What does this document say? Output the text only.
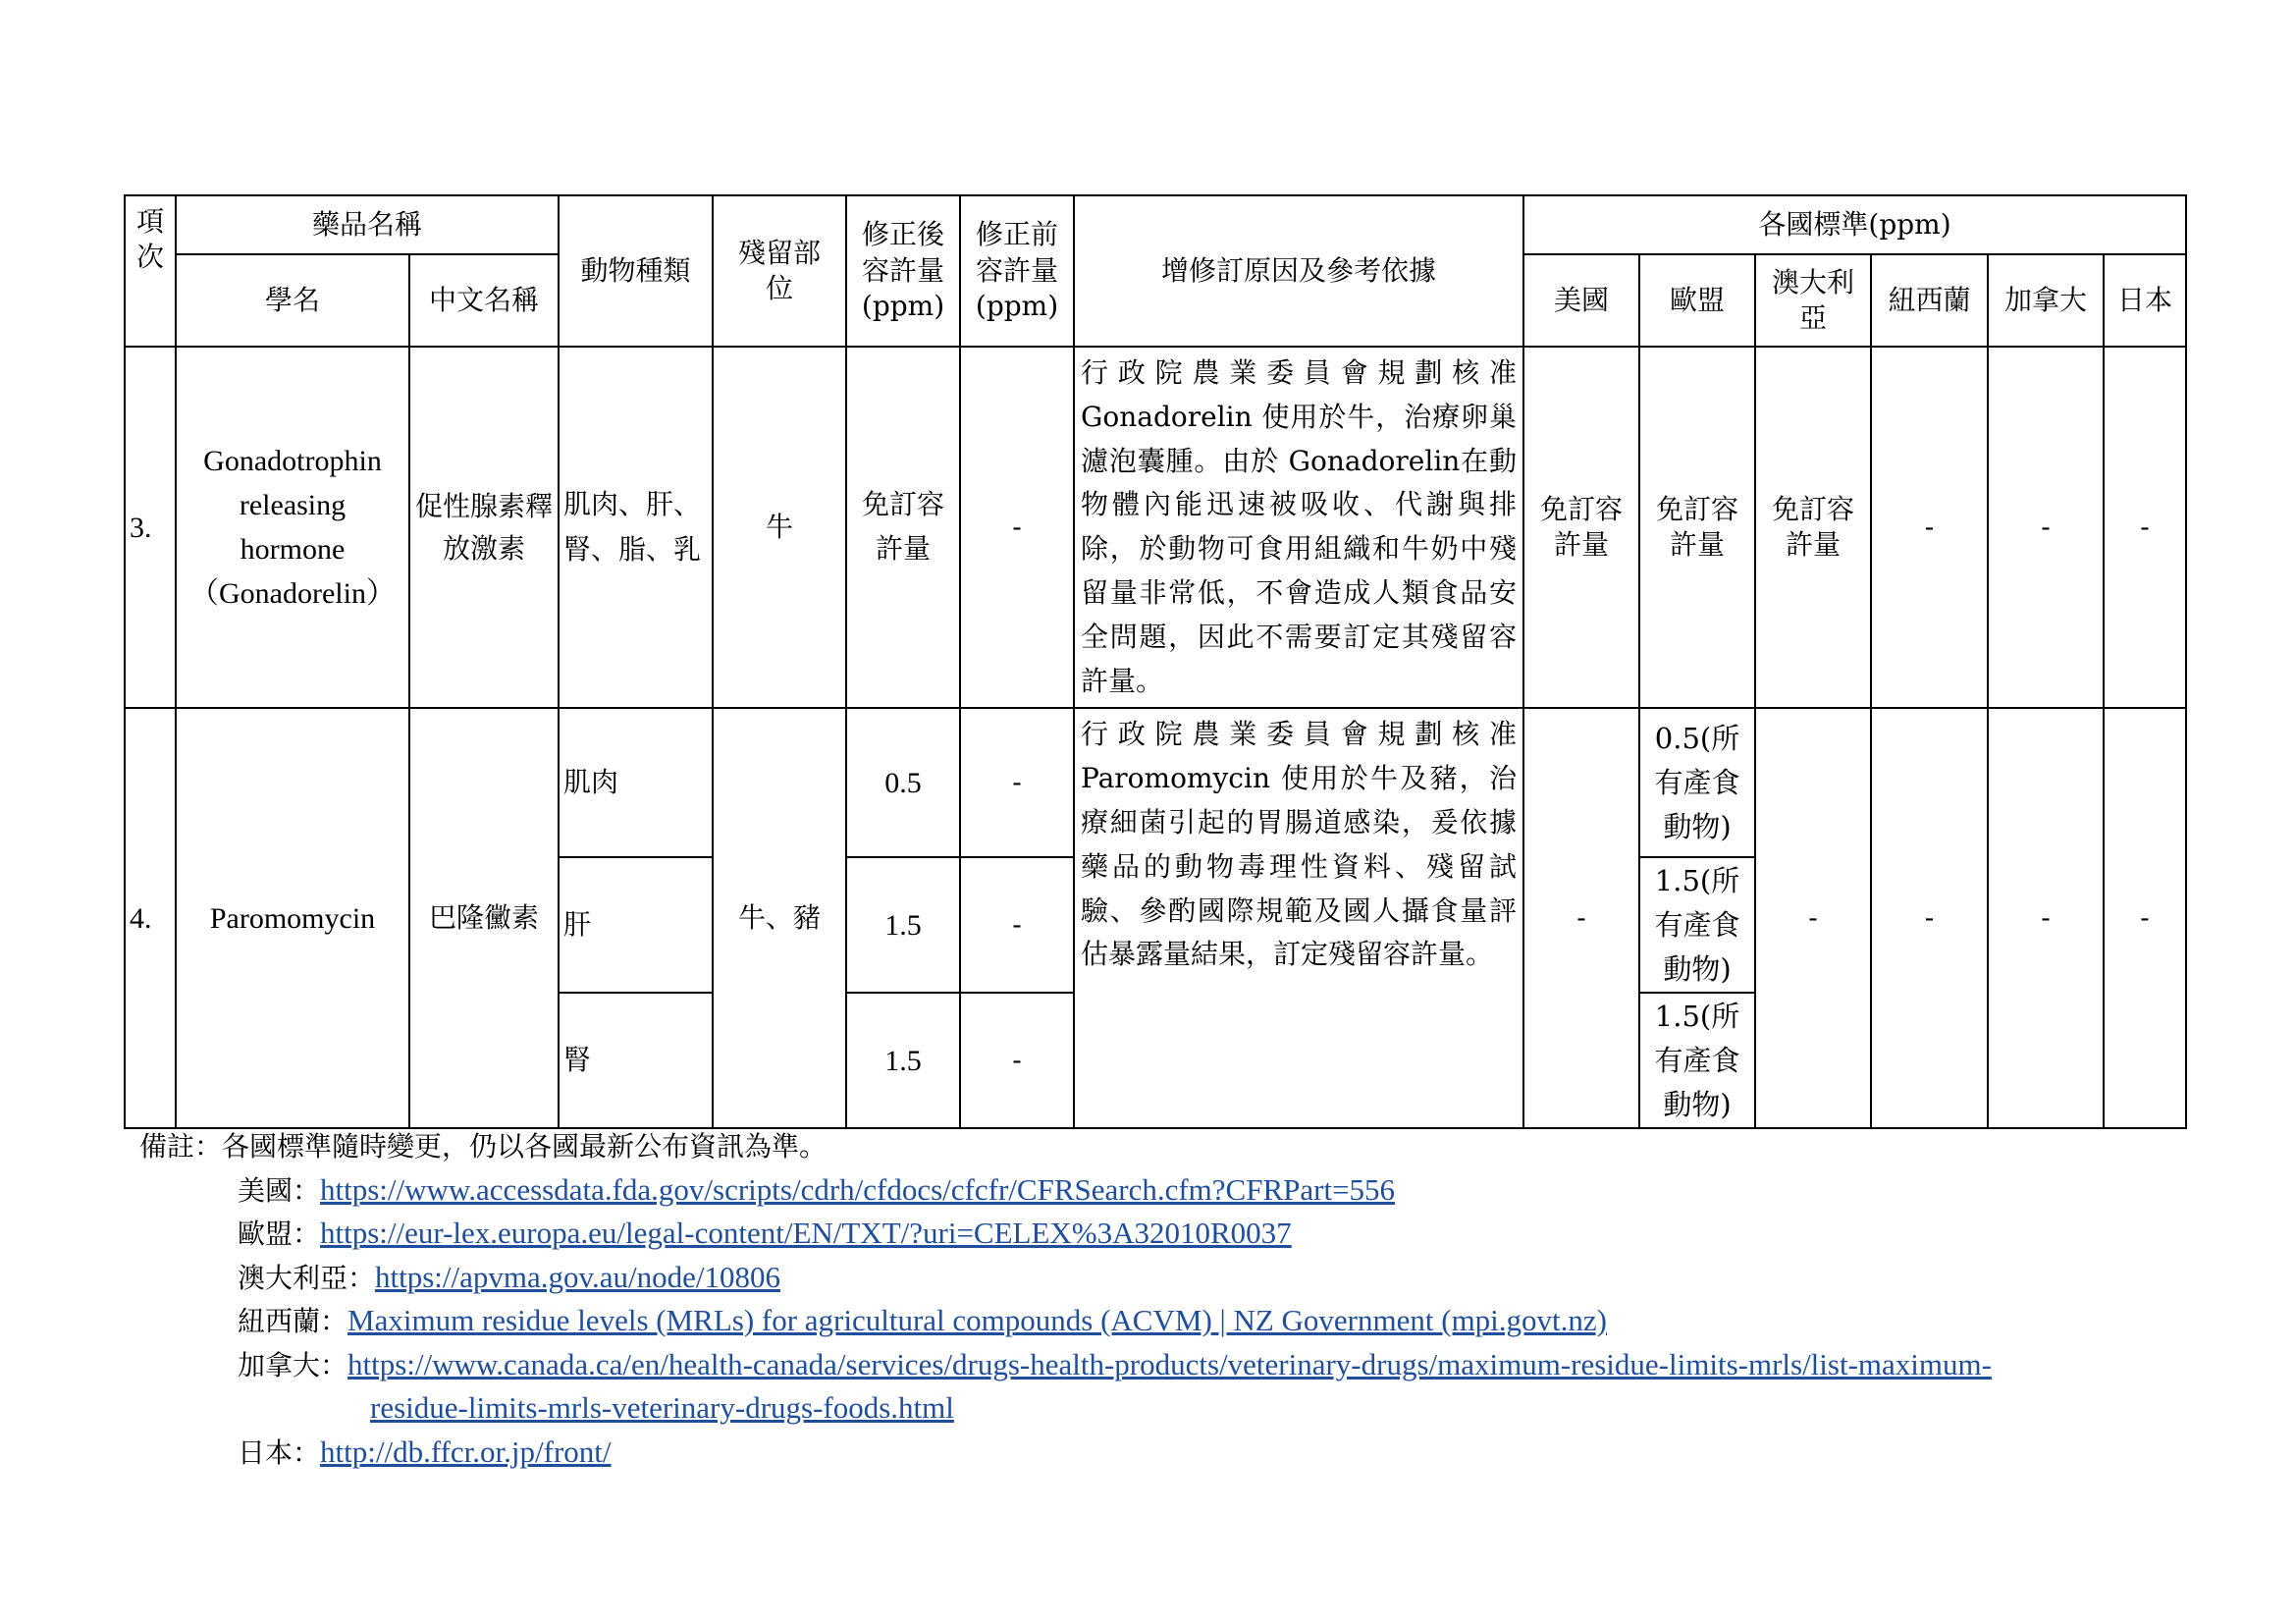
項次	藥品名稱		動物種類	殘留部位	修正後容許量(ppm)	修正前容許量(ppm)	增修訂原因及參考依據	各國標準(ppm)					
	學名	中文名稱						美國	歐盟	澳大利亞	紐西蘭	加拿大	日本
3.	Gonadotrophin releasing hormone（Gonadorelin）	促性腺素釋放激素	肌肉、肝、腎、脂、乳	牛	免訂容許量	-	行政院農業委員會規劃核准Gonadorelin 使用於牛，治療卵巢濾泡囊腫。由於 Gonadorelin在動物體內能迅速被吸收、代謝與排除，於動物可食用組織和牛奶中殘留量非常低，不會造成人類食品安全問題，因此不需要訂定其殘留容許量。	免訂容許量	免訂容許量	免訂容許量	-	-	-
4.	Paromomycin	巴隆黴素	肌肉	牛、豬	0.5	-	行政院農業委員會規劃核准Paromomycin 使用於牛及豬，治療細菌引起的胃腸道感染，爰依據藥品的動物毒理性資料、殘留試驗、參酌國際規範及國人攝食量評估暴露量結果，訂定殘留容許量。	-	0.5(所有產食動物)	-	-	-	-
			肝		1.5	-			1.5(所有產食動物)				
			腎		1.5	-			1.5(所有產食動物)				
備註：各國標準隨時變更，仍以各國最新公布資訊為準。
美國：https://www.accessdata.fda.gov/scripts/cdrh/cfdocs/cfcfr/CFRSearch.cfm?CFRPart=556
歐盟：https://eur-lex.europa.eu/legal-content/EN/TXT/?uri=CELEX%3A32010R0037
澳大利亞：https://apvma.gov.au/node/10806
紐西蘭：Maximum residue levels (MRLs) for agricultural compounds (ACVM) | NZ Government (mpi.govt.nz)
加拿大：https://www.canada.ca/en/health-canada/services/drugs-health-products/veterinary-drugs/maximum-residue-limits-mrls/list-maximum-
residue-limits-mrls-veterinary-drugs-foods.html
日本：http://db.ffcr.or.jp/front/
